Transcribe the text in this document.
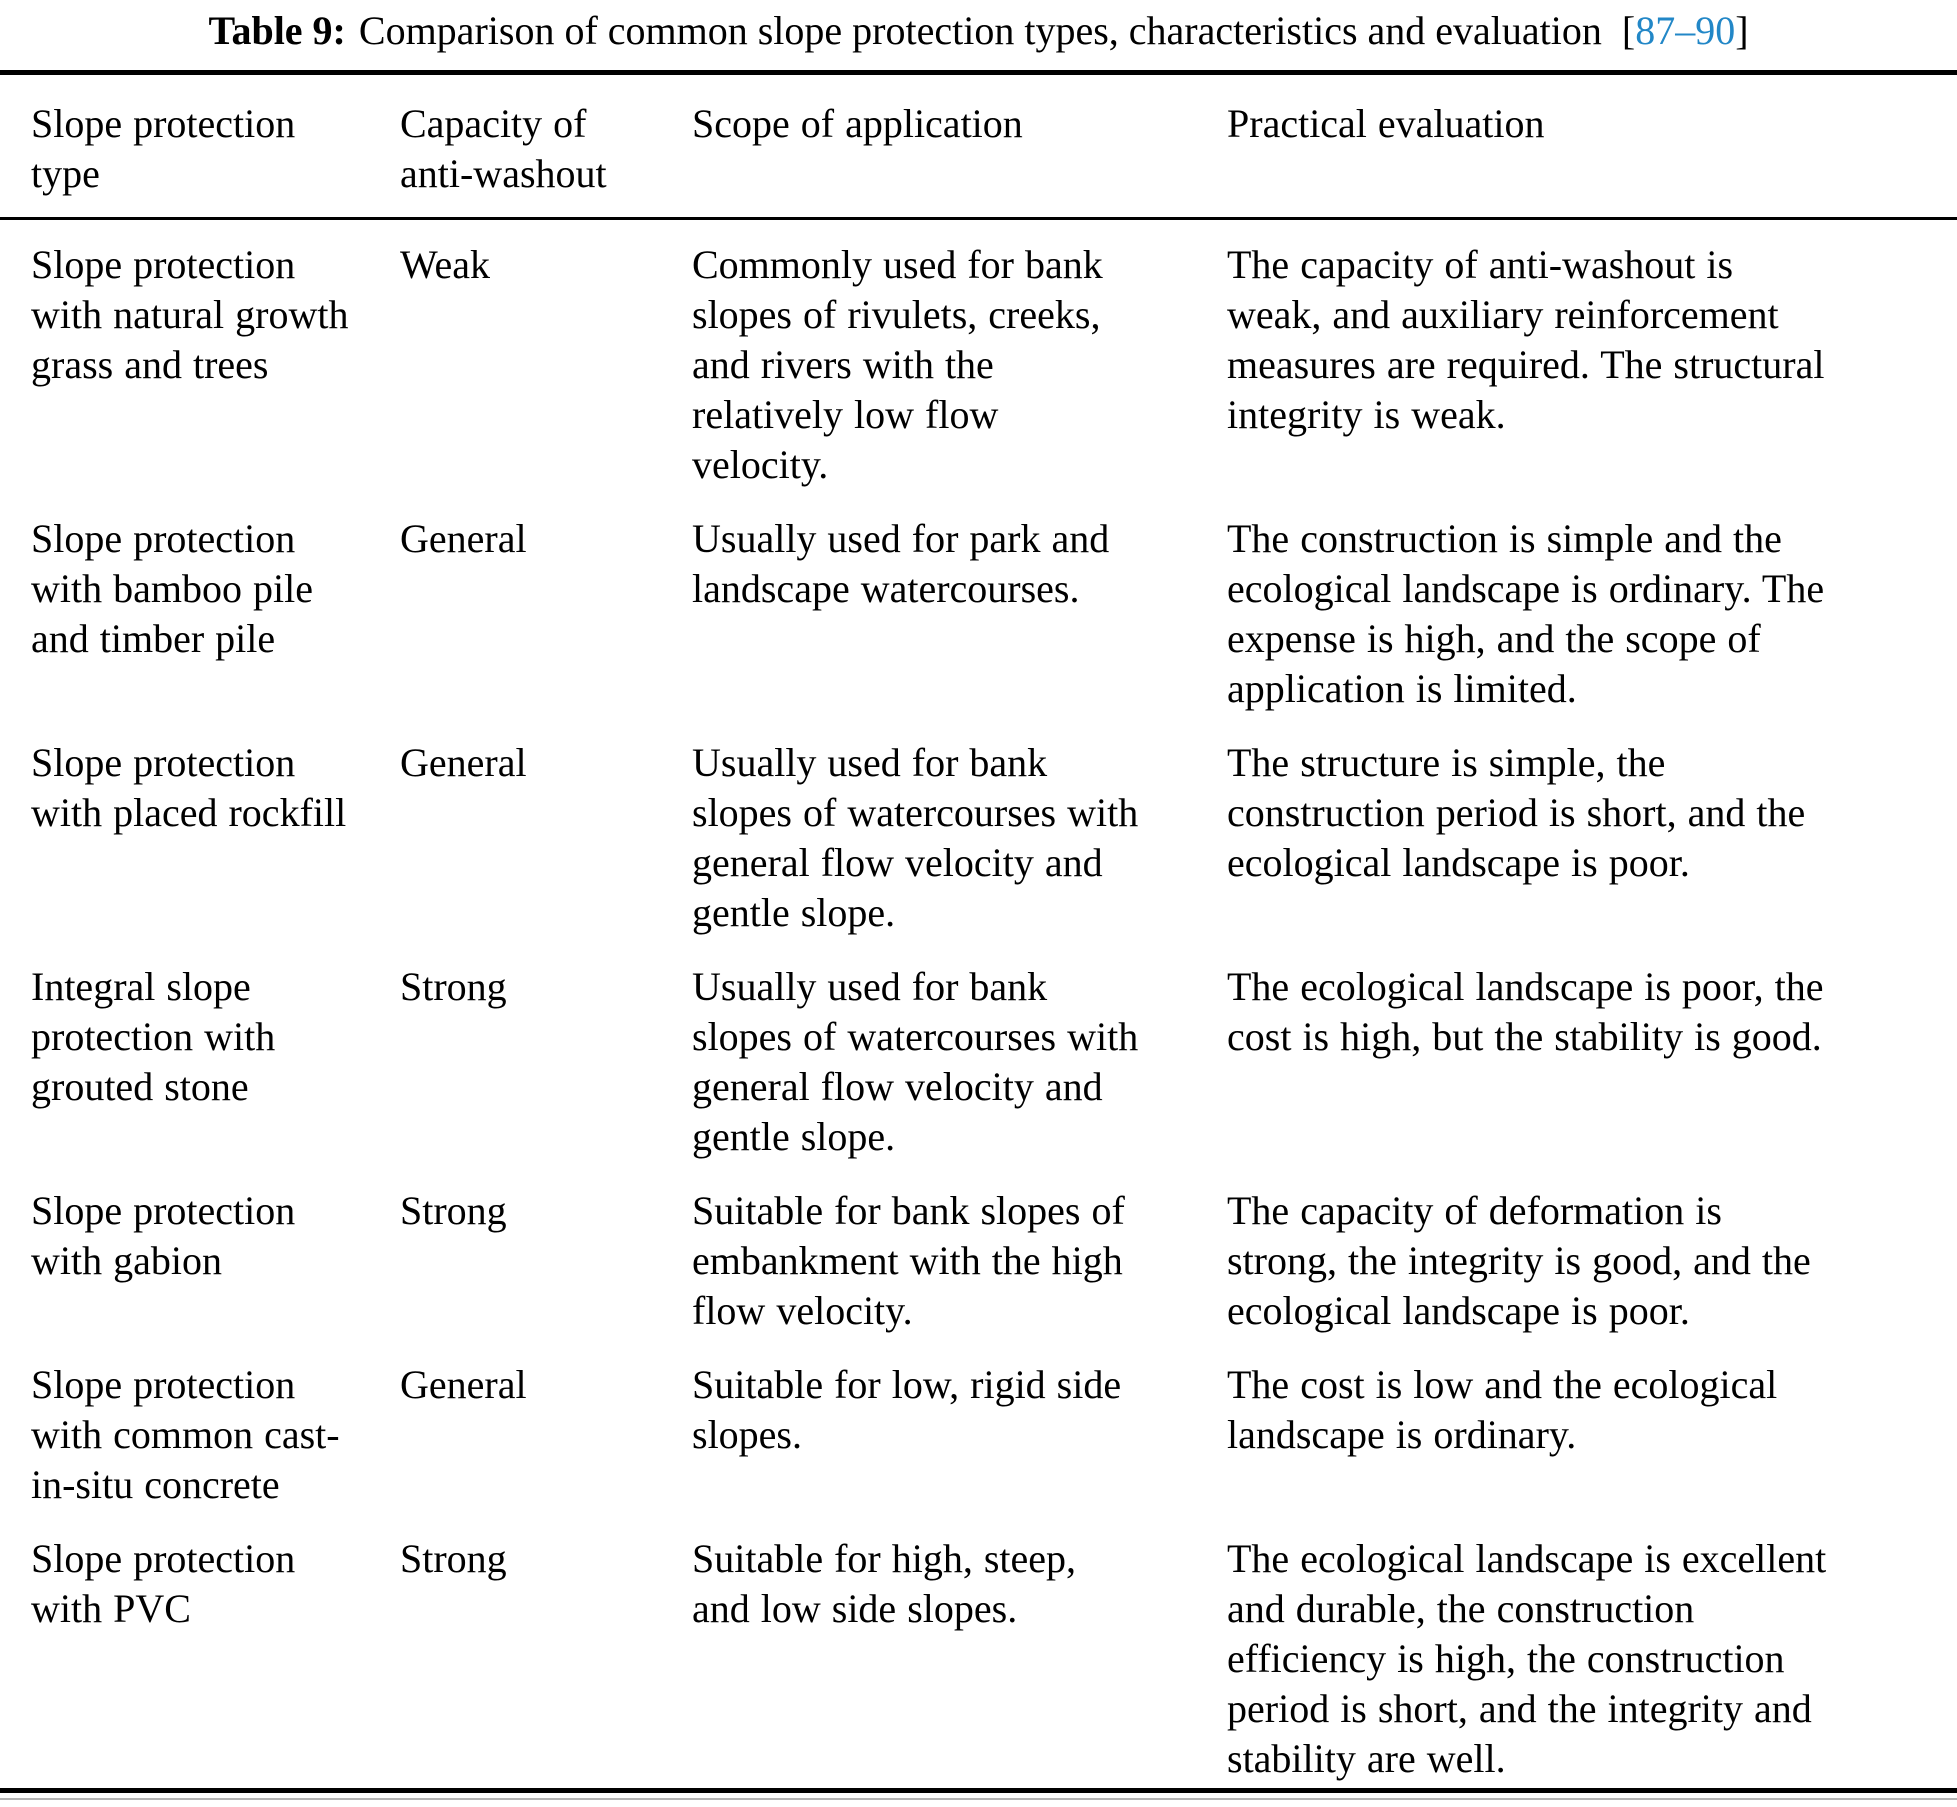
Table 9: Comparison of common slope protection types, characteristics and evaluation [87–90]
Slope protection type	Capacity of anti-washout	Scope of application	Practical evaluation
Slope protection with natural growth grass and trees	Weak	Commonly used for bank slopes of rivulets, creeks, and rivers with the relatively low flow velocity.	The capacity of anti-washout is weak, and auxiliary reinforcement measures are required. The structural integrity is weak.
Slope protection with bamboo pile and timber pile	General	Usually used for park and landscape watercourses.	The construction is simple and the ecological landscape is ordinary. The expense is high, and the scope of application is limited.
Slope protection with placed rockfill	General	Usually used for bank slopes of watercourses with general flow velocity and gentle slope.	The structure is simple, the construction period is short, and the ecological landscape is poor.
Integral slope protection with grouted stone	Strong	Usually used for bank slopes of watercourses with general flow velocity and gentle slope.	The ecological landscape is poor, the cost is high, but the stability is good.
Slope protection with gabion	Strong	Suitable for bank slopes of embankment with the high flow velocity.	The capacity of deformation is strong, the integrity is good, and the ecological landscape is poor.
Slope protection with common cast-in-situ concrete	General	Suitable for low, rigid side slopes.	The cost is low and the ecological landscape is ordinary.
Slope protection with PVC	Strong	Suitable for high, steep, and low side slopes.	The ecological landscape is excellent and durable, the construction efficiency is high, the construction period is short, and the integrity and stability are well.
